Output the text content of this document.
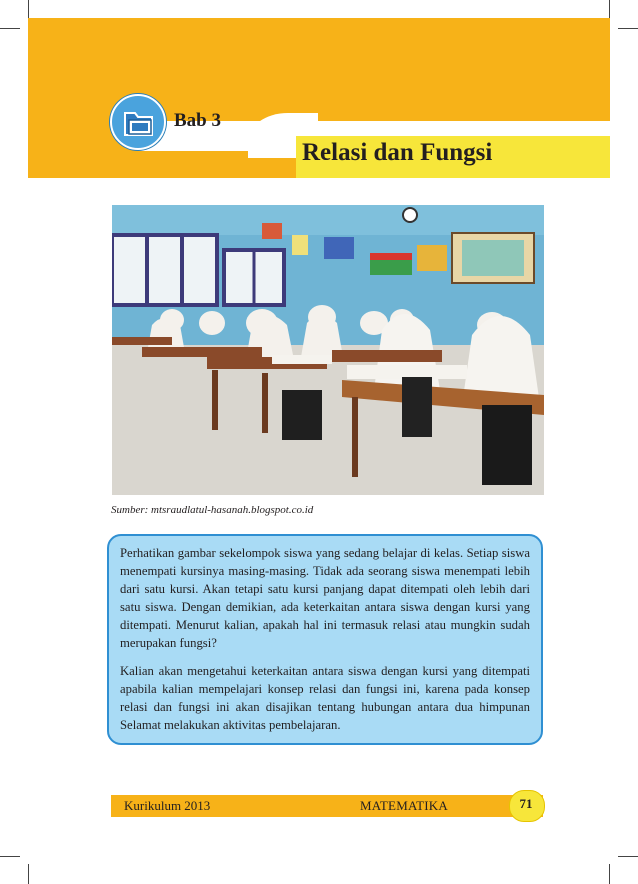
Bab 3
Relasi dan Fungsi
Sumber: mtsraudlatul-hasanah.blogspot.co.id

Perhatikan gambar sekelompok siswa yang sedang belajar di kelas. Setiap siswa menempati kursinya masing-masing. Tidak ada seorang siswa menempati lebih dari satu kursi. Akan tetapi satu kursi panjang dapat ditempati oleh lebih dari satu siswa. Dengan demikian, ada keterkaitan antara siswa dengan kursi yang ditempati. Menurut kalian, apakah hal ini termasuk relasi atau mungkin sudah merupakan fungsi?

Kalian akan mengetahui keterkaitan antara siswa dengan kursi yang ditempati apabila kalian mempelajari konsep relasi dan fungsi ini, karena pada konsep relasi dan fungsi ini akan disajikan tentang hubungan antara dua himpunan Selamat melakukan aktivitas pembelajaran.

Kurikulum 2013	MATEMATIKA	71
